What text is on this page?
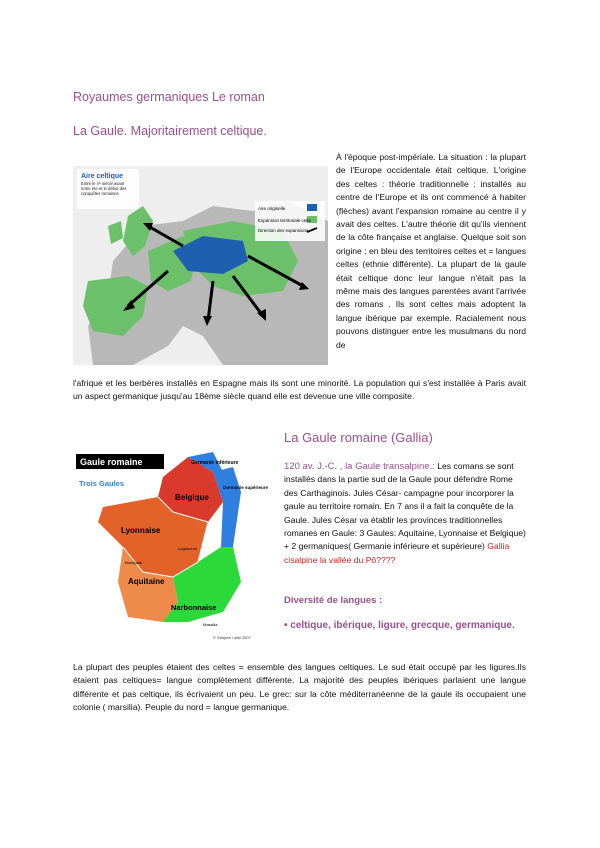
Royaumes germaniques Le roman
La Gaule. Majoritairement celtique.
Aire celtique
Aire originelle
Expansion territoriale celte
Direction des expansions
Entre le Vᵉ siècle avant notre ère et le début des conquêtes romaines
À l'époque post-impériale. La situation : la plupart de l'Europe occidentale était celtique. L'origine des celtes : théorie traditionnelle : installés au centre de l'Europe et ils ont commencé à habiter (flèches) avant l'expansion romaine au centre il y avait des celtes. L'autre théorie dit qu'ils viennent de la côte française et anglaise. Quelque soit son origine : en bleu des territoires celtes et = langues celtes (ethnie différente). La plupart de la gaule était celtique donc leur langue n'était pas la même mais des langues parentées avant l'arrivée des romans . Ils sont celtes mais adoptent la langue ibérique par exemple. Racialement nous pouvons distinguer entre les musulmans du nord de
l'afrique et les berbères installés en Espagne mais ils sont une minorité. La population qui s'est installée à Paris avait un aspect germanique jusqu'au 18ème siècle quand elle est devenue une ville composite.
La Gaule romaine (Gallia)
Gaule romaine
Trois Gaules
Germanie inférieure
Belgique
Germanie supérieure
Lyonnaise
Aquitaine
Narbonnaise
Lugdunum
Burdigala
Massilia
© Sebpee / wiki 2007
120 av. J.-C. , la Gaule transalpine.: Les comans se sont installés dans la partie sud de la Gaule pour défendre Rome des Carthaginois. Jules César- campagne pour incorporer la gaule au territoire romain. En 7 ans il a fait la conquête de la Gaule. Jules César va établir les provinces traditionnelles romanes en Gaule: 3 Gaules: Aquitaine, Lyonnaise et Belgique) + 2 germaniques( Germanie inférieure et supérieure) Gallia cisalpine la vallée du Pô????
Diversité de langues :
• celtique, ibérique, ligure, grecque, germanique.
La plupart des peuples étaient des celtes = ensemble des langues celtiques. Le sud était occupé par les ligures.Ils étaient pas celtiques= langue complètement différente. La majorité des peuples ibériques parlaient une langue différente et pas celtique, ils écrivaient un peu. Le grec: sur la côte méditerranéenne de la gaule ils occupaient une colonie ( marsilia). Peuple du nord = langue germanique.
